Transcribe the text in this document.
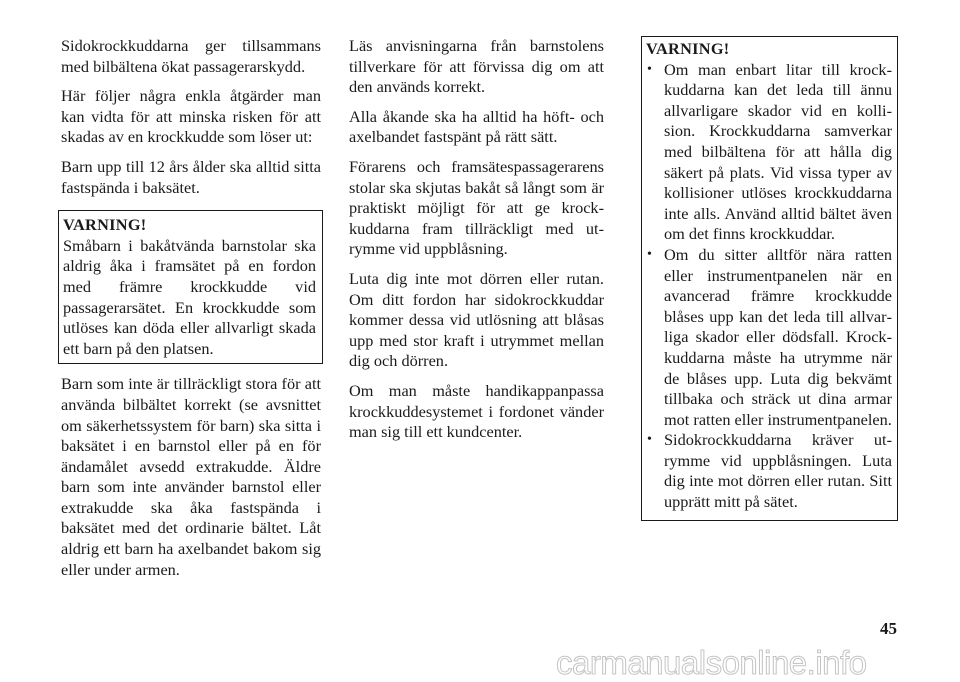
Sidokrockkuddarna ger tillsammans med bilbältena ökat passagerarskydd.

Här följer några enkla åtgärder man kan vidta för att minska risken för att skadas av en krockkudde som löser ut:

Barn upp till 12 års ålder ska alltid sitta fastspända i baksätet.

VARNING!

Småbarn i bakåtvända barnstolar ska aldrig åka i framsätet på en fordon med främre krockkudde vid passagerarsätet. En krockkudde som utlöses kan döda eller allvarligt skada ett barn på den platsen.

Barn som inte är tillräckligt stora för att använda bilbältet korrekt (se avsnittet om säkerhetssystem för barn) ska sitta i baksätet i en barnstol eller på en för ändamålet avsedd extrakudde. Äldre barn som inte använder barnstol eller extrakudde ska åka fastspända i baksätet med det ordinarie bältet. Låt aldrig ett barn ha axelbandet bakom sig eller under armen.

Läs anvisningarna från barnstolens tillverkare för att förvissa dig om att den används korrekt.

Alla åkande ska ha alltid ha höft- och axelbandet fastspänt på rätt sätt.

Förarens och framsätespassagerarens stolar ska skjutas bakåt så långt som är praktiskt möjligt för att ge krockkuddarna fram tillräckligt med utrymme vid uppblåsning.

Luta dig inte mot dörren eller rutan. Om ditt fordon har sidokrockkuddar kommer dessa vid utlösning att blåsas upp med stor kraft i utrymmet mellan dig och dörren.

Om man måste handikappanpassa krockkuddesystemet i fordonet vänder man sig till ett kundcenter.

VARNING!
• Om man enbart litar till krockkuddarna kan det leda till ännu allvarligare skador vid en kollision. Krockkuddarna samverkar med bilbältena för att hålla dig säkert på plats. Vid vissa typer av kollisioner utlöses krockkuddarna inte alls. Använd alltid bältet även om det finns krockkuddar.
• Om du sitter alltför nära ratten eller instrumentpanelen när en avancerad främre krockkudde blåses upp kan det leda till allvarliga skador eller dödsfall. Krockkuddarna måste ha utrymme när de blåses upp. Luta dig bekvämt tillbaka och sträck ut dina armar mot ratten eller instrumentpanelen.
• Sidokrockkuddarna kräver utrymme vid uppblåsningen. Luta dig inte mot dörren eller rutan. Sitt upprätt mitt på sätet.
45
carmanualsonline.info
